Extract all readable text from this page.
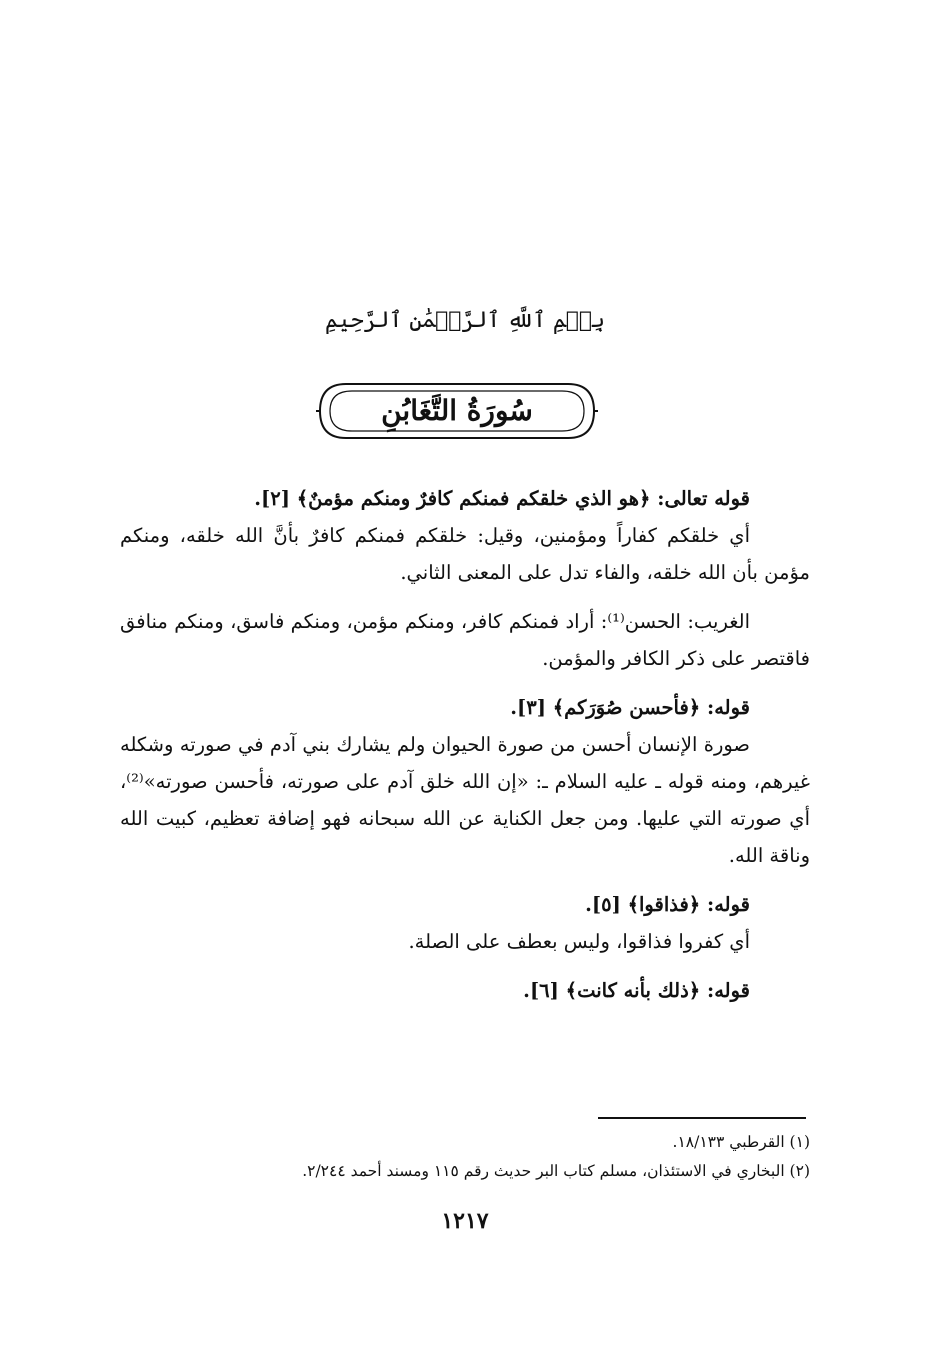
بِسۡمِ ٱللَّهِ ٱلرَّحۡمَٰنِ ٱلرَّحِيمِ
سُورَةُ التَّغَابُنِ

قوله تعالى: ﴿هو الذي خلقكم فمنكم كافرٌ ومنكم مؤمنٌ﴾ [٢].

أي خلقكم كفاراً ومؤمنين، وقيل: خلقكم فمنكم كافرٌ بأنَّ الله خلقه، ومنكم مؤمن بأن الله خلقه، والفاء تدل على المعنى الثاني.

الغريب: الحسن⁽¹⁾: أراد فمنكم كافر، ومنكم مؤمن، ومنكم فاسق، ومنكم منافق فاقتصر على ذكر الكافر والمؤمن.

قوله: ﴿فأحسن صُوَرَكم﴾ [٣].

صورة الإنسان أحسن من صورة الحيوان ولم يشارك بني آدم في صورته وشكله غيرهم، ومنه قوله ـ عليه السلام ـ: «إن الله خلق آدم على صورته، فأحسن صورته»⁽²⁾، أي صورته التي عليها. ومن جعل الكناية عن الله سبحانه فهو إضافة تعظيم، كبيت الله وناقة الله.

قوله: ﴿فذاقوا﴾ [٥].

أي كفروا فذاقوا، وليس بعطف على الصلة.

قوله: ﴿ذلك بأنه كانت﴾ [٦].

(١) القرطبي ١٨/١٣٣.
(٢) البخاري في الاستئذان، مسلم كتاب البر حديث رقم ١١٥ ومسند أحمد ٢/٢٤٤.
١٢١٧
